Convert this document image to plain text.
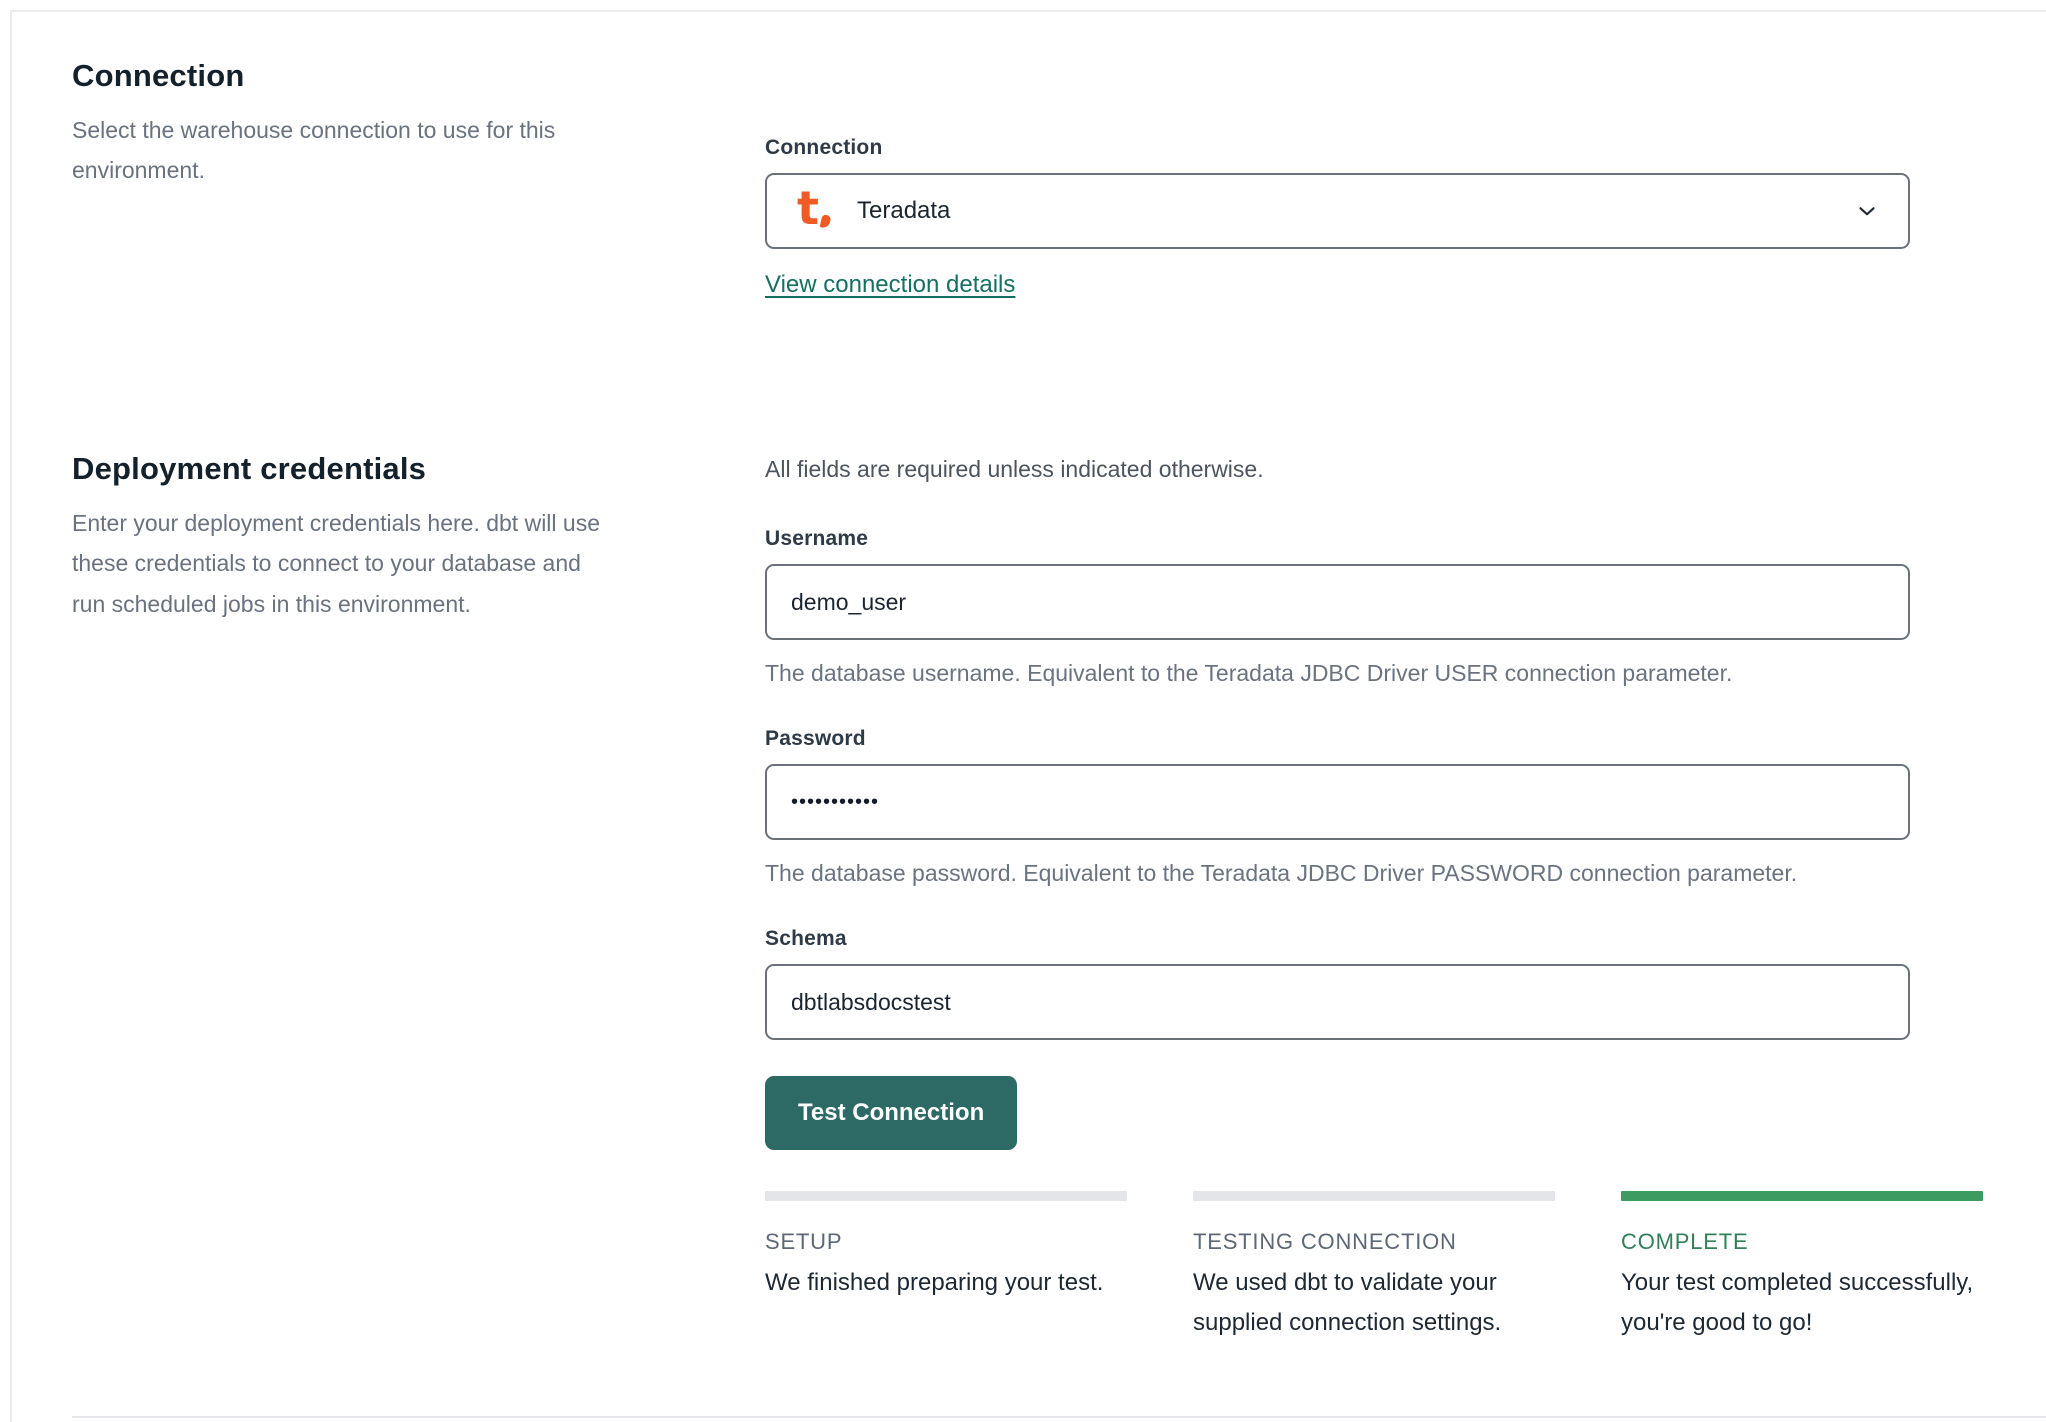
Connection

Select the warehouse connection to use for this environment.

Connection
t Teradata
View connection details
Deployment credentials

Enter your deployment credentials here. dbt will use these credentials to connect to your database and run scheduled jobs in this environment.

All fields are required unless indicated otherwise.

Username
demo_user

The database username. Equivalent to the Teradata JDBC Driver USER connection parameter.

Password
•••••••••••

The database password. Equivalent to the Teradata JDBC Driver PASSWORD connection parameter.

Schema
dbtlabsdocstest
Test Connection
SETUP
We finished preparing your test.
TESTING CONNECTION
We used dbt to validate your supplied connection settings.
COMPLETE
Your test completed successfully, you're good to go!
